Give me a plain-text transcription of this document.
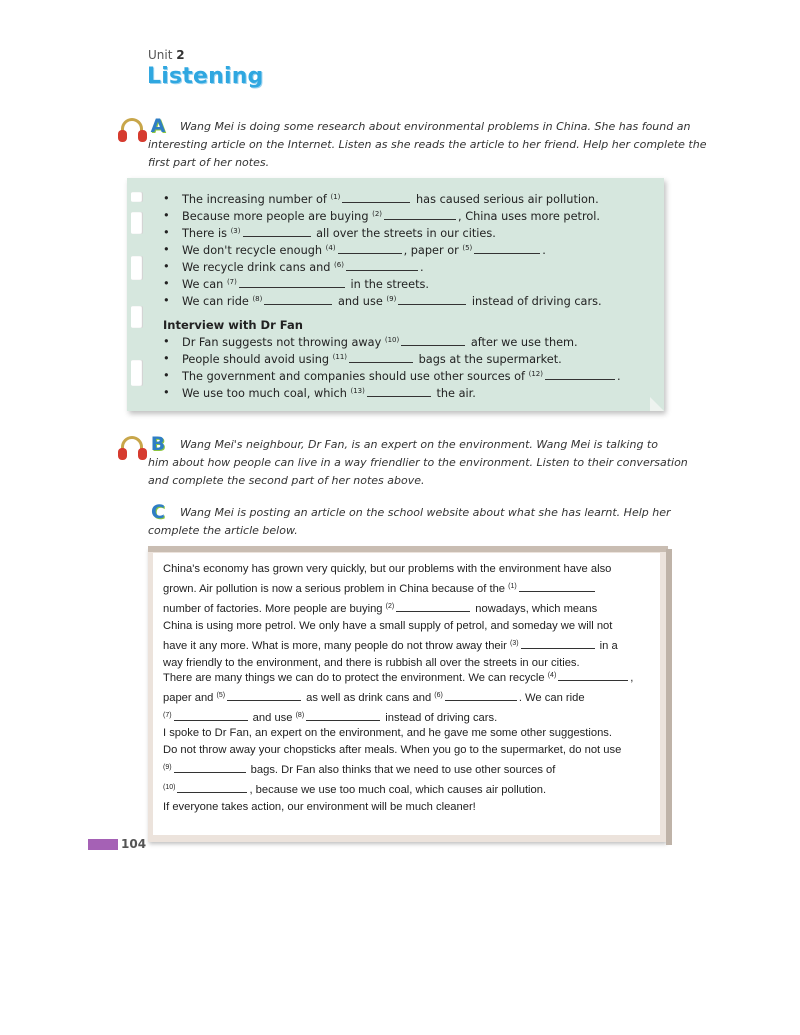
Unit 2
Listening
A Wang Mei is doing some research about environmental problems in China. She has found an
interesting article on the Internet. Listen as she reads the article to her friend. Help her complete the
first part of her notes.
• The increasing number of $^{(1)}$	has caused serious air pollution.
• Because more people are buying $^{(2)}$	, China uses more petrol.
• There is $^{(3)}$	all over the streets in our cities.
• We don't recycle enough $^{(4)}$	, paper or $^{(5)}$	.
• We recycle drink cans and $^{(6)}$	.
• We can $^{(7)}$	in the streets.
• We can ride $^{(8)}$	and use $^{(9)}$	instead of driving cars.
Interview with Dr Fan
• Dr Fan suggests not throwing away $^{(10)}$	after we use them.
• People should avoid using $^{(11)}$	bags at the supermarket.
• The government and companies should use other sources of $^{(12)}$	.
• We use too much coal, which $^{(13)}$	the air.
B Wang Mei's neighbour, Dr Fan, is an expert on the environment. Wang Mei is talking to
him about how people can live in a way friendlier to the environment. Listen to their conversation
and complete the second part of her notes above.
C Wang Mei is posting an article on the school website about what she has learnt. Help her
complete the article below.
China's economy has grown very quickly, but our problems with the environment have also
grown. Air pollution is now a serious problem in China because of the $^{(1)}$
number of factories. More people are buying $^{(2)}$	nowadays, which means
China is using more petrol. We only have a small supply of petrol, and someday we will not
have it any more. What is more, many people do not throw away their $^{(3)}$	in a
way friendly to the environment, and there is rubbish all over the streets in our cities.
There are many things we can do to protect the environment. We can recycle $^{(4)}$	,
paper and $^{(5)}$	as well as drink cans and $^{(6)}$	. We can ride
$^{(7)}$	and use $^{(8)}$	instead of driving cars.
I spoke to Dr Fan, an expert on the environment, and he gave me some other suggestions.
Do not throw away your chopsticks after meals. When you go to the supermarket, do not use
$^{(9)}$	bags. Dr Fan also thinks that we need to use other sources of
$^{(10)}$	, because we use too much coal, which causes air pollution.
If everyone takes action, our environment will be much cleaner!
104
